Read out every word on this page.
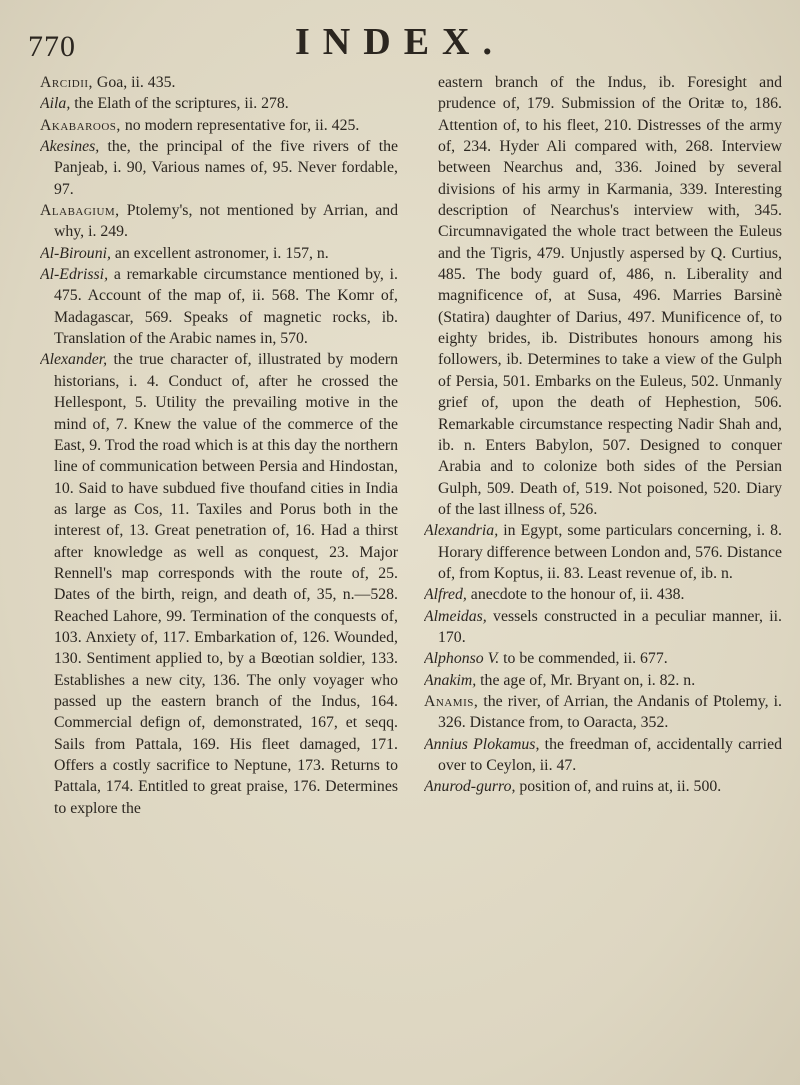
770	INDEX.

Arcidii, Goa, ii. 435.

Aila, the Elath of the scriptures, ii. 278.

Akabaroos, no modern representative for, ii. 425.

Akesines, the, the principal of the five rivers of the Panjeab, i. 90, Various names of, 95. Never fordable, 97.

Alabagium, Ptolemy's, not mentioned by Arrian, and why, i. 249.

Al-Birouni, an excellent astronomer, i. 157, n.

Al-Edrissi, a remarkable circumstance mentioned by, i. 475. Account of the map of, ii. 568. The Komr of, Madagascar, 569. Speaks of magnetic rocks, ib. Translation of the Arabic names in, 570.

Alexander, the true character of, illustrated by modern historians, i. 4. Conduct of, after he crossed the Hellespont, 5. Utility the prevailing motive in the mind of, 7. Knew the value of the commerce of the East, 9. Trod the road which is at this day the northern line of communication between Persia and Hindostan, 10. Said to have subdued five thoufand cities in India as large as Cos, 11. Taxiles and Porus both in the interest of, 13. Great penetration of, 16. Had a thirst after knowledge as well as conquest, 23. Major Rennell's map corresponds with the route of, 25. Dates of the birth, reign, and death of, 35, n.—528. Reached Lahore, 99. Termination of the conquests of, 103. Anxiety of, 117. Embarkation of, 126. Wounded, 130. Sentiment applied to, by a Bœotian soldier, 133. Establishes a new city, 136. The only voyager who passed up the eastern branch of the Indus, 164. Commercial defign of, demonstrated, 167, et seqq. Sails from Pattala, 169. His fleet damaged, 171. Offers a costly sacrifice to Neptune, 173. Returns to Pattala, 174. Entitled to great praise, 176. Determines to explore the

eastern branch of the Indus, ib. Foresight and prudence of, 179. Submission of the Oritæ to, 186. Attention of, to his fleet, 210. Distresses of the army of, 234. Hyder Ali compared with, 268. Interview between Nearchus and, 336. Joined by several divisions of his army in Karmania, 339. Interesting description of Nearchus's interview with, 345. Circumnavigated the whole tract between the Euleus and the Tigris, 479. Unjustly aspersed by Q. Curtius, 485. The body guard of, 486, n. Liberality and magnificence of, at Susa, 496. Marries Barsinè (Statira) daughter of Darius, 497. Munificence of, to eighty brides, ib. Distributes honours among his followers, ib. Determines to take a view of the Gulph of Persia, 501. Embarks on the Euleus, 502. Unmanly grief of, upon the death of Hephestion, 506. Remarkable circumstance respecting Nadir Shah and, ib. n. Enters Babylon, 507. Designed to conquer Arabia and to colonize both sides of the Persian Gulph, 509. Death of, 519. Not poisoned, 520. Diary of the last illness of, 526.

Alexandria, in Egypt, some particulars concerning, i. 8. Horary difference between London and, 576. Distance of, from Koptus, ii. 83. Least revenue of, ib. n.

Alfred, anecdote to the honour of, ii. 438.

Almeidas, vessels constructed in a peculiar manner, ii. 170.

Alphonso V. to be commended, ii. 677.

Anakim, the age of, Mr. Bryant on, i. 82. n.

Anamis, the river, of Arrian, the Andanis of Ptolemy, i. 326. Distance from, to Oaracta, 352.

Annius Plokamus, the freedman of, accidentally carried over to Ceylon, ii. 47.

Anurod-gurro, position of, and ruins at, ii. 500.
